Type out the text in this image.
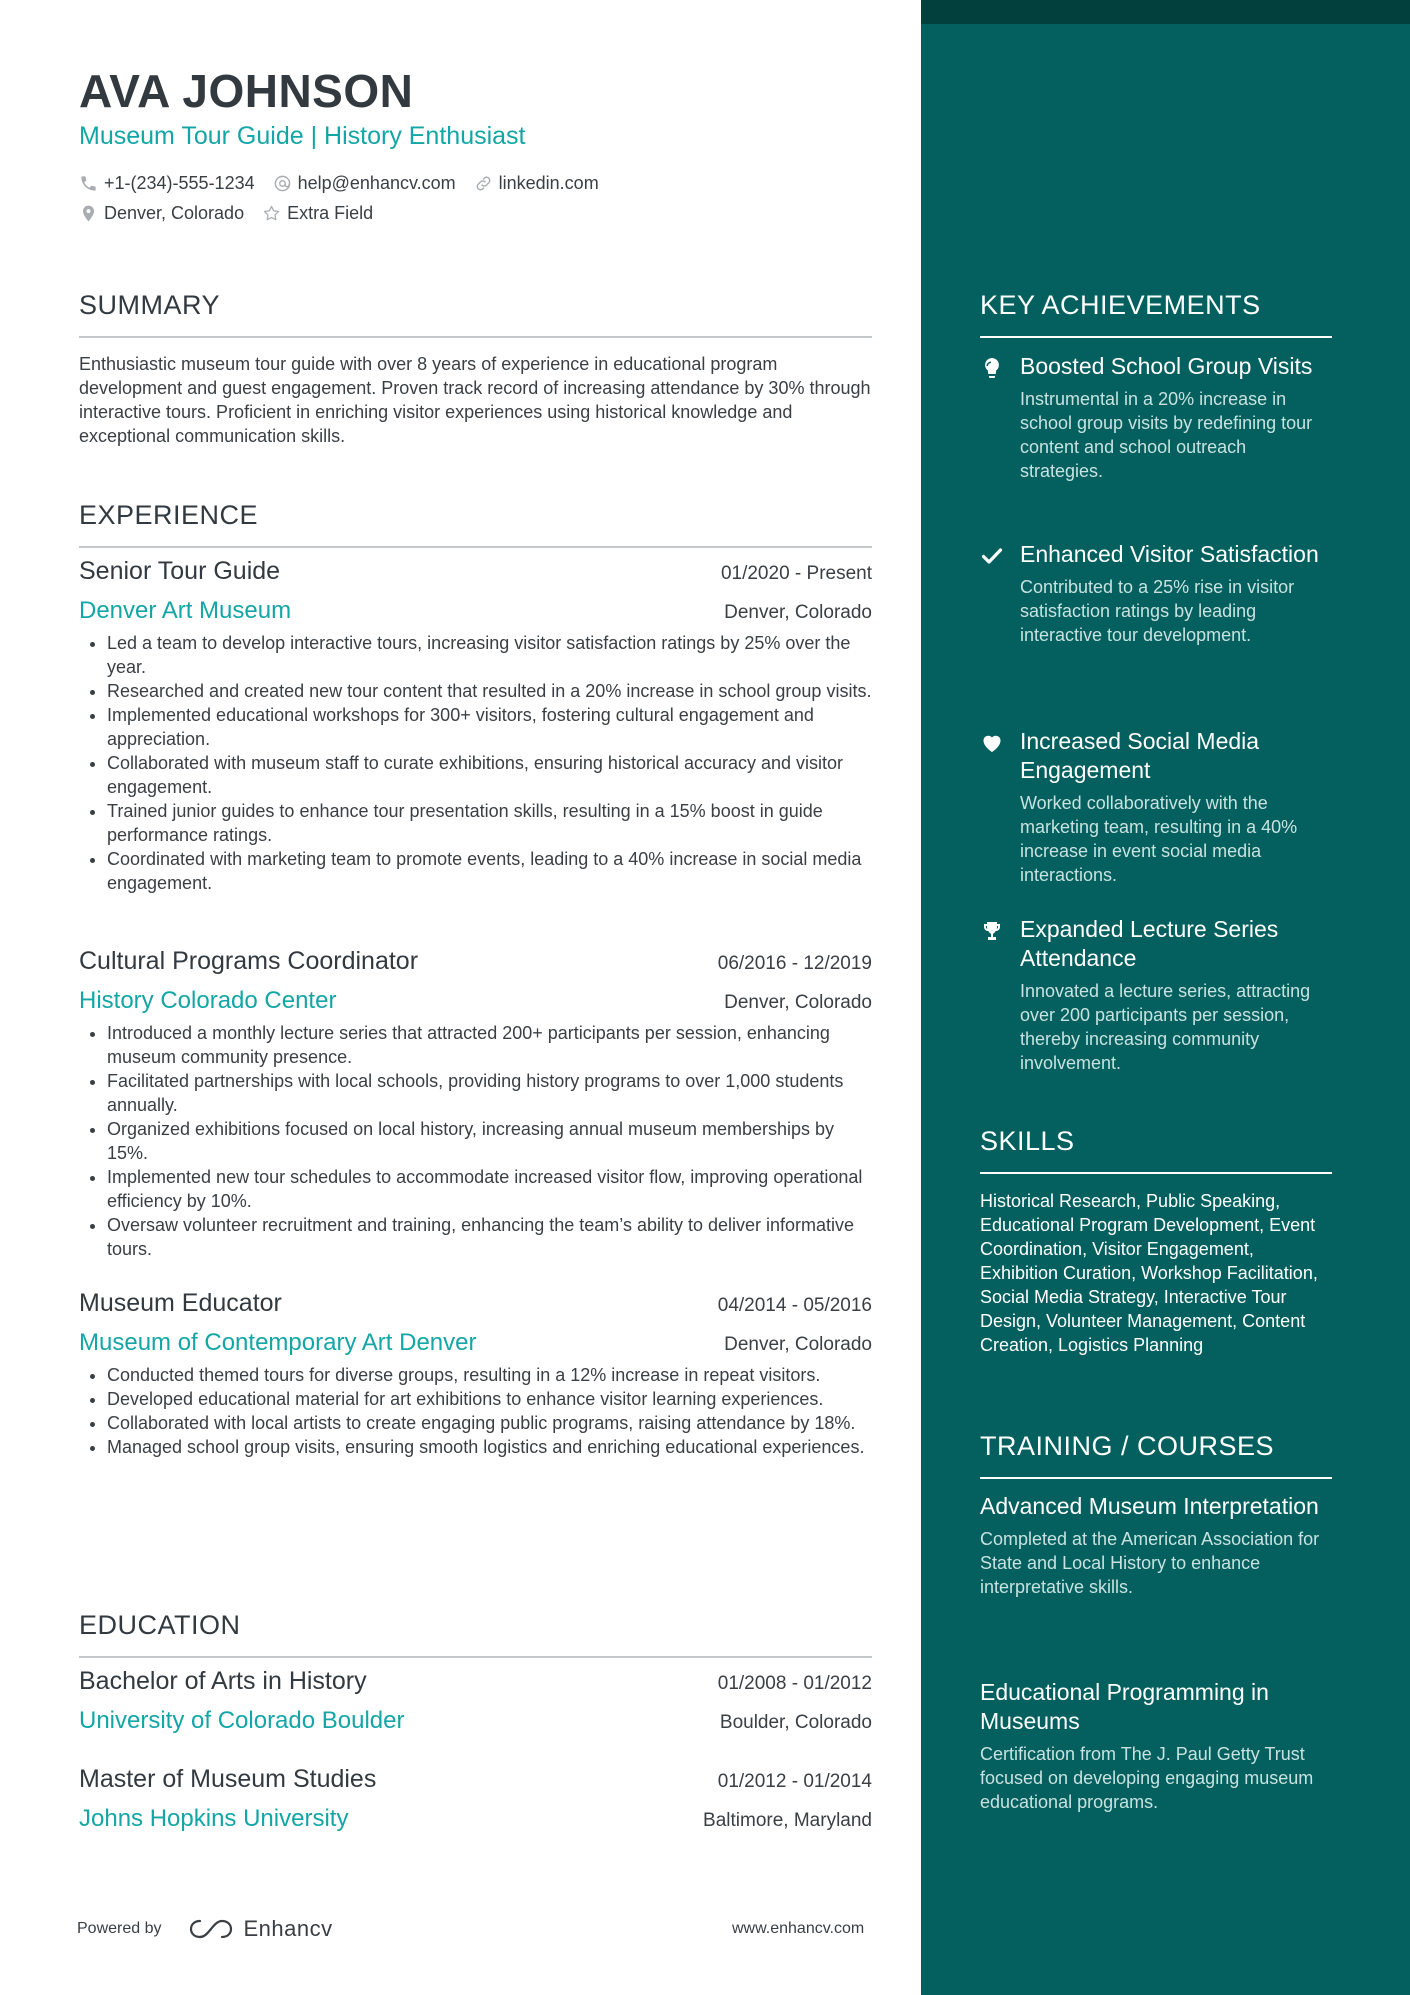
AVA JOHNSON
Museum Tour Guide | History Enthusiast
+1-(234)-555-1234 help@enhancv.com linkedin.com
Denver, Colorado Extra Field
SUMMARY

Enthusiastic museum tour guide with over 8 years of experience in educational program development and guest engagement. Proven track record of increasing attendance by 30% through interactive tours. Proficient in enriching visitor experiences using historical knowledge and exceptional communication skills.

EXPERIENCE
Senior Tour Guide	01/2020 - Present
Denver Art Museum	Denver, Colorado
• Led a team to develop interactive tours, increasing visitor satisfaction ratings by 25% over the year.
• Researched and created new tour content that resulted in a 20% increase in school group visits.
• Implemented educational workshops for 300+ visitors, fostering cultural engagement and appreciation.
• Collaborated with museum staff to curate exhibitions, ensuring historical accuracy and visitor engagement.
• Trained junior guides to enhance tour presentation skills, resulting in a 15% boost in guide performance ratings.
• Coordinated with marketing team to promote events, leading to a 40% increase in social media engagement.
Cultural Programs Coordinator	06/2016 - 12/2019
History Colorado Center	Denver, Colorado
• Introduced a monthly lecture series that attracted 200+ participants per session, enhancing museum community presence.
• Facilitated partnerships with local schools, providing history programs to over 1,000 students annually.
• Organized exhibitions focused on local history, increasing annual museum memberships by 15%.
• Implemented new tour schedules to accommodate increased visitor flow, improving operational efficiency by 10%.
• Oversaw volunteer recruitment and training, enhancing the team’s ability to deliver informative tours.
Museum Educator	04/2014 - 05/2016
Museum of Contemporary Art Denver	Denver, Colorado
• Conducted themed tours for diverse groups, resulting in a 12% increase in repeat visitors.
• Developed educational material for art exhibitions to enhance visitor learning experiences.
• Collaborated with local artists to create engaging public programs, raising attendance by 18%.
• Managed school group visits, ensuring smooth logistics and enriching educational experiences.
EDUCATION
Bachelor of Arts in History	01/2008 - 01/2012
University of Colorado Boulder	Boulder, Colorado
Master of Museum Studies	01/2012 - 01/2014
Johns Hopkins University	Baltimore, Maryland
KEY ACHIEVEMENTS
Boosted School Group Visits
Instrumental in a 20% increase in school group visits by redefining tour content and school outreach strategies.
Enhanced Visitor Satisfaction
Contributed to a 25% rise in visitor satisfaction ratings by leading interactive tour development.
Increased Social Media Engagement
Worked collaboratively with the marketing team, resulting in a 40% increase in event social media interactions.
Expanded Lecture Series Attendance
Innovated a lecture series, attracting over 200 participants per session, thereby increasing community involvement.
SKILLS
Historical Research, Public Speaking, Educational Program Development, Event Coordination, Visitor Engagement, Exhibition Curation, Workshop Facilitation, Social Media Strategy, Interactive Tour Design, Volunteer Management, Content Creation, Logistics Planning
TRAINING / COURSES
Advanced Museum Interpretation
Completed at the American Association for State and Local History to enhance interpretative skills.
Educational Programming in Museums
Certification from The J. Paul Getty Trust focused on developing engaging museum educational programs.
Powered by	Enhancv	www.enhancv.com
